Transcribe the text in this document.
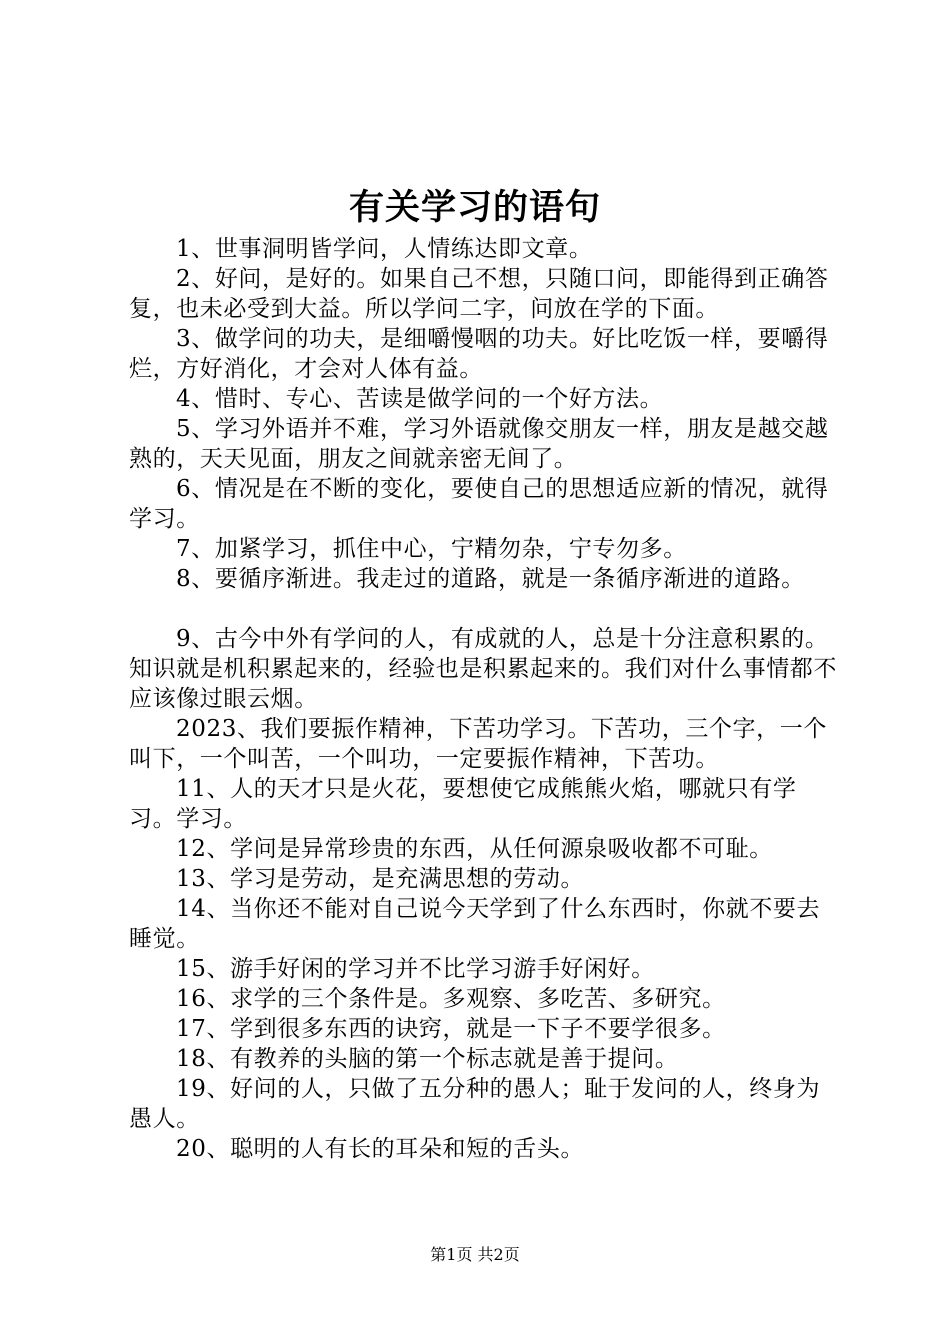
有关学习的语句

1、世事洞明皆学问，人情练达即文章。

2、好问，是好的。如果自己不想，只随口问，即能得到正确答复，也未必受到大益。所以学问二字，问放在学的下面。

3、做学问的功夫，是细嚼慢咽的功夫。好比吃饭一样，要嚼得烂，方好消化，才会对人体有益。

4、惜时、专心、苦读是做学问的一个好方法。

5、学习外语并不难，学习外语就像交朋友一样，朋友是越交越熟的，天天见面，朋友之间就亲密无间了。

6、情况是在不断的变化，要使自己的思想适应新的情况，就得学习。

7、加紧学习，抓住中心，宁精勿杂，宁专勿多。

8、要循序渐进。我走过的道路，就是一条循序渐进的道路。

9、古今中外有学问的人，有成就的人，总是十分注意积累的。知识就是机积累起来的，经验也是积累起来的。我们对什么事情都不应该像过眼云烟。

2023、我们要振作精神，下苦功学习。下苦功，三个字，一个叫下，一个叫苦，一个叫功，一定要振作精神，下苦功。

11、人的天才只是火花，要想使它成熊熊火焰，哪就只有学习。学习。

12、学问是异常珍贵的东西，从任何源泉吸收都不可耻。

13、学习是劳动，是充满思想的劳动。

14、当你还不能对自己说今天学到了什么东西时，你就不要去睡觉。

15、游手好闲的学习并不比学习游手好闲好。

16、求学的三个条件是。多观察、多吃苦、多研究。

17、学到很多东西的诀窍，就是一下子不要学很多。

18、有教养的头脑的第一个标志就是善于提问。

19、好问的人，只做了五分种的愚人；耻于发问的人，终身为愚人。

20、聪明的人有长的耳朵和短的舌头。

第1页 共2页
